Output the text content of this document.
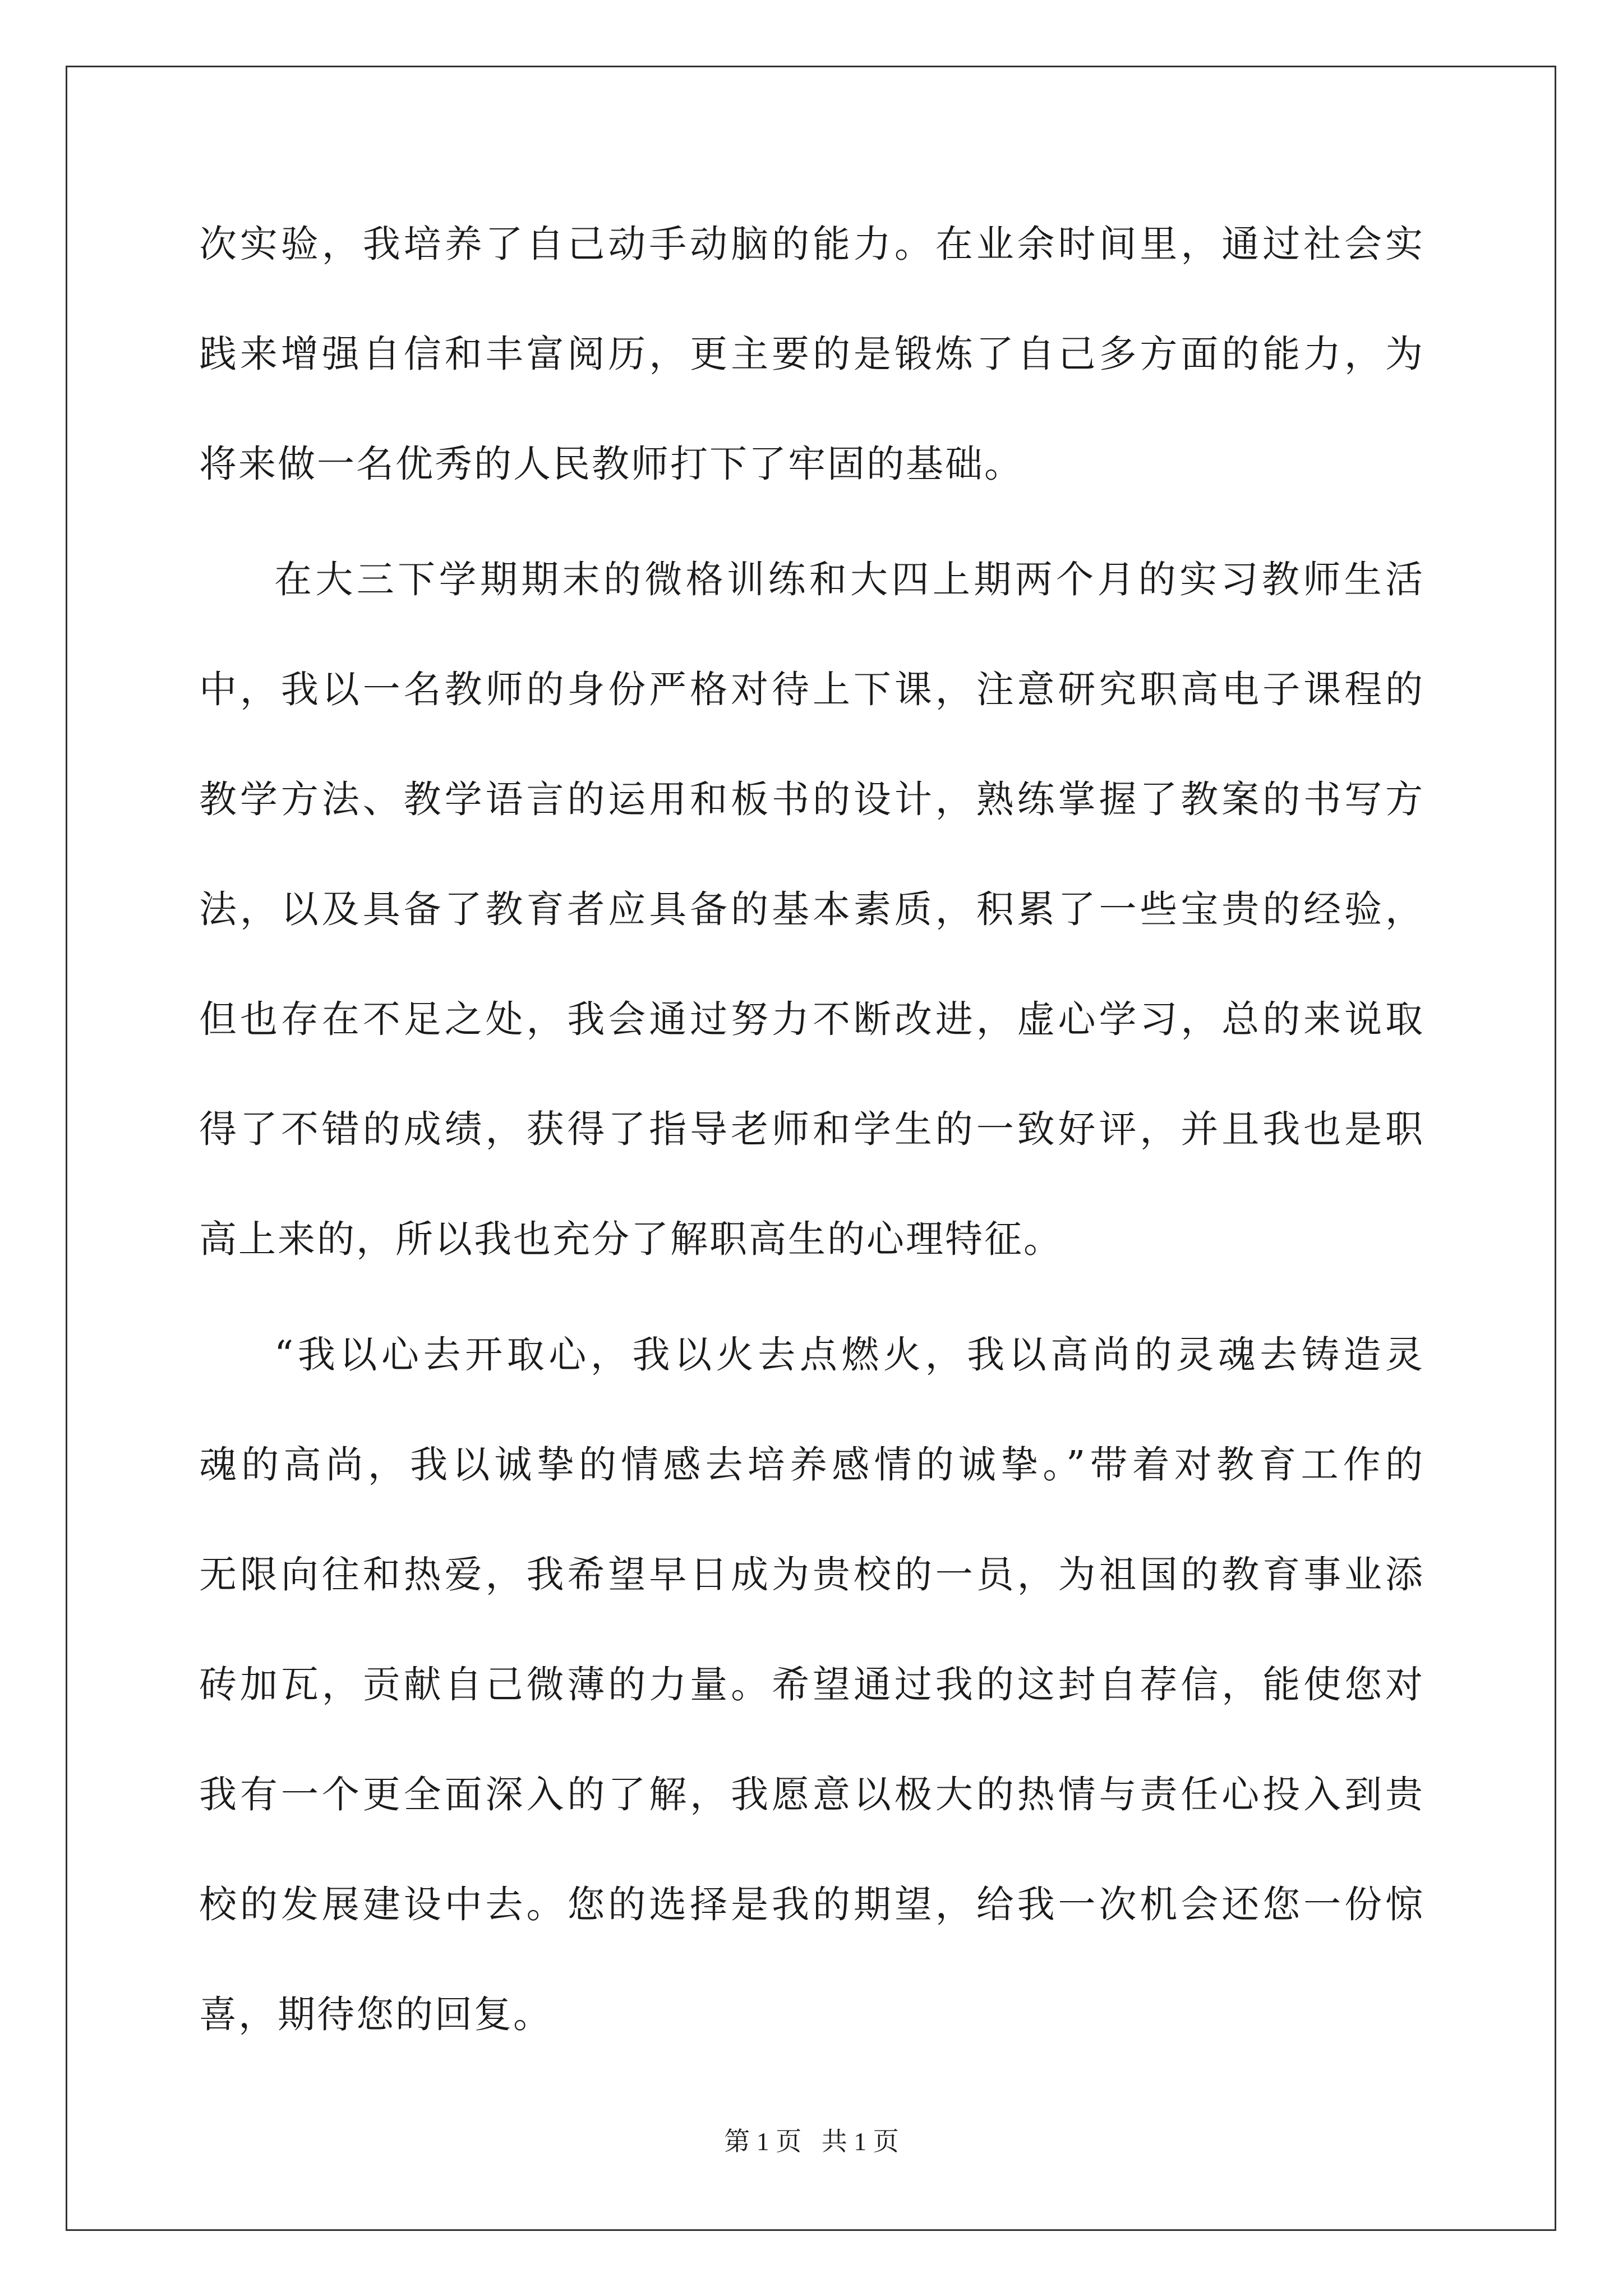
次实验，我培养了自己动手动脑的能力。在业余时间里，通过社会实
践来增强自信和丰富阅历，更主要的是锻炼了自己多方面的能力，为
将来做一名优秀的人民教师打下了牢固的基础。
在大三下学期期末的微格训练和大四上期两个月的实习教师生活
中，我以一名教师的身份严格对待上下课，注意研究职高电子课程的
教学方法、教学语言的运用和板书的设计，熟练掌握了教案的书写方
法，以及具备了教育者应具备的基本素质，积累了一些宝贵的经验，
但也存在不足之处，我会通过努力不断改进，虚心学习，总的来说取
得了不错的成绩，获得了指导老师和学生的一致好评，并且我也是职
高上来的，所以我也充分了解职高生的心理特征。
“我以心去开取心，我以火去点燃火，我以高尚的灵魂去铸造灵
魂的高尚，我以诚挚的情感去培养感情的诚挚。”带着对教育工作的
无限向往和热爱，我希望早日成为贵校的一员，为祖国的教育事业添
砖加瓦，贡献自己微薄的力量。希望通过我的这封自荐信，能使您对
我有一个更全面深入的了解，我愿意以极大的热情与责任心投入到贵
校的发展建设中去。您的选择是我的期望，给我一次机会还您一份惊
喜，期待您的回复。
第 1 页 共 1 页
